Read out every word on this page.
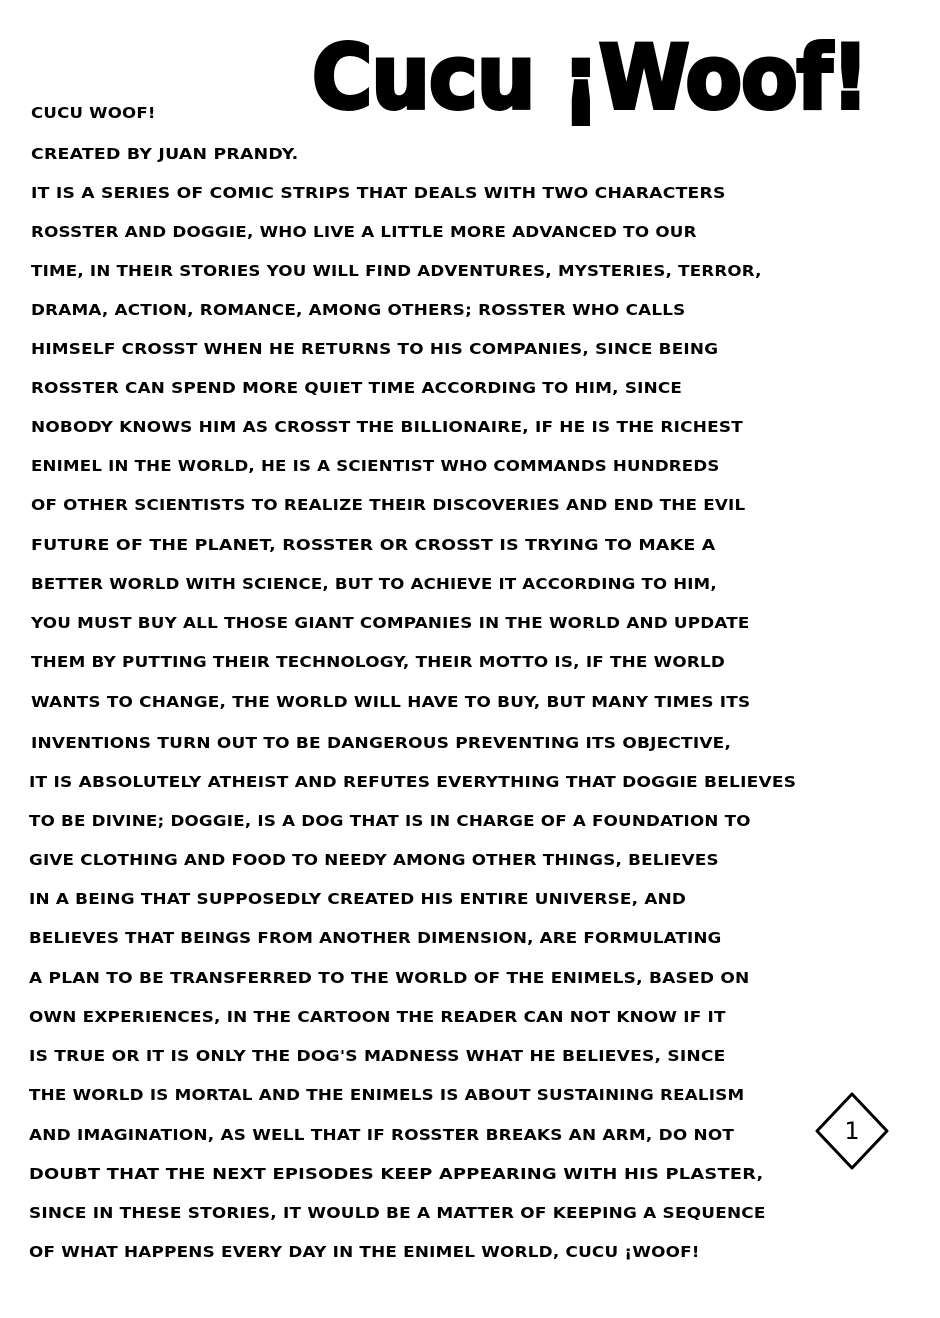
Cucu ¡Woof!
CUCU WOOF!
CREATED BY JUAN PRANDY.
IT IS A SERIES OF COMIC STRIPS THAT DEALS WITH TWO CHARACTERS
ROSSTER AND DOGGIE, WHO LIVE A LITTLE MORE ADVANCED TO OUR
TIME, IN THEIR STORIES YOU WILL FIND ADVENTURES, MYSTERIES, TERROR,
DRAMA, ACTION, ROMANCE, AMONG OTHERS; ROSSTER WHO CALLS
HIMSELF CROSST WHEN HE RETURNS TO HIS COMPANIES, SINCE BEING
ROSSTER CAN SPEND MORE QUIET TIME ACCORDING TO HIM, SINCE
NOBODY KNOWS HIM AS CROSST THE BILLIONAIRE, IF HE IS THE RICHEST
ENIMEL IN THE WORLD, HE IS A SCIENTIST WHO COMMANDS HUNDREDS
OF OTHER SCIENTISTS TO REALIZE THEIR DISCOVERIES AND END THE EVIL
FUTURE OF THE PLANET, ROSSTER OR CROSST IS TRYING TO MAKE A
BETTER WORLD WITH SCIENCE, BUT TO ACHIEVE IT ACCORDING TO HIM,
YOU MUST BUY ALL THOSE GIANT COMPANIES IN THE WORLD AND UPDATE
THEM BY PUTTING THEIR TECHNOLOGY, THEIR MOTTO IS, IF THE WORLD
WANTS TO CHANGE, THE WORLD WILL HAVE TO BUY, BUT MANY TIMES ITS
INVENTIONS TURN OUT TO BE DANGEROUS PREVENTING ITS OBJECTIVE,
IT IS ABSOLUTELY ATHEIST AND REFUTES EVERYTHING THAT DOGGIE BELIEVES
TO BE DIVINE; DOGGIE, IS A DOG THAT IS IN CHARGE OF A FOUNDATION TO
GIVE CLOTHING AND FOOD TO NEEDY AMONG OTHER THINGS, BELIEVES
IN A BEING THAT SUPPOSEDLY CREATED HIS ENTIRE UNIVERSE, AND
BELIEVES THAT BEINGS FROM ANOTHER DIMENSION, ARE FORMULATING
A PLAN TO BE TRANSFERRED TO THE WORLD OF THE ENIMELS, BASED ON
OWN EXPERIENCES, IN THE CARTOON THE READER CAN NOT KNOW IF IT
IS TRUE OR IT IS ONLY THE DOG'S MADNESS WHAT HE BELIEVES, SINCE
THE WORLD IS MORTAL AND THE ENIMELS IS ABOUT SUSTAINING REALISM
AND IMAGINATION, AS WELL THAT IF ROSSTER BREAKS AN ARM, DO NOT
DOUBT THAT THE NEXT EPISODES KEEP APPEARING WITH HIS PLASTER,
SINCE IN THESE STORIES, IT WOULD BE A MATTER OF KEEPING A SEQUENCE
OF WHAT HAPPENS EVERY DAY IN THE ENIMEL WORLD, CUCU ¡WOOF!
1
